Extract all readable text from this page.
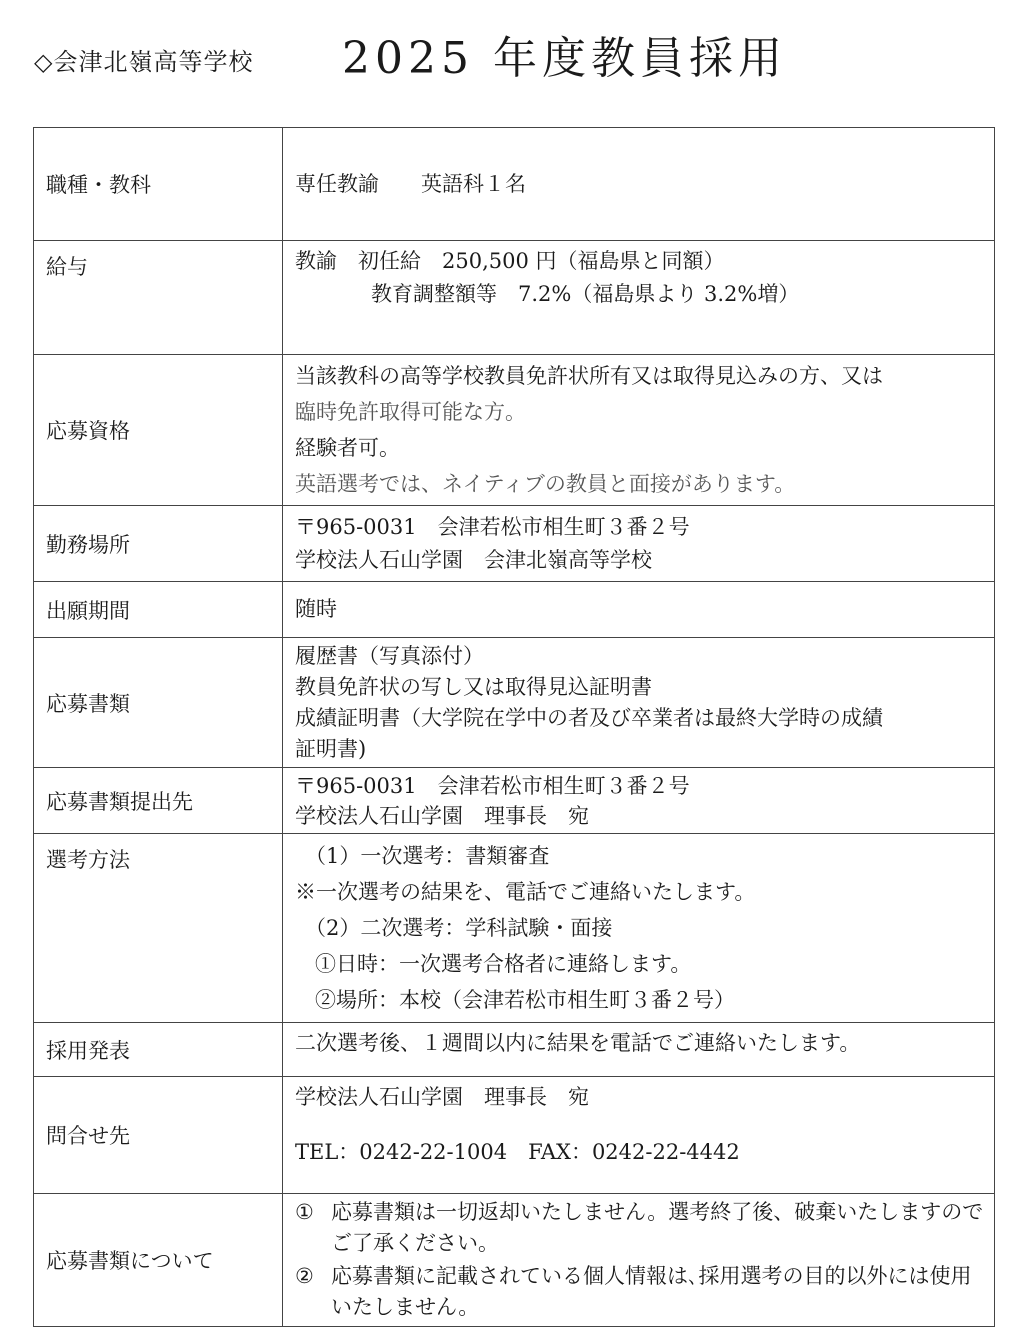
◇会津北嶺高等学校 2025 年度教員採用
職種・教科	専任教諭　　英語科１名

給与	教諭　初任給　250,500 円（福島県と同額）
教育調整額等　7.2%（福島県より 3.2%増）

応募資格	当該教科の高等学校教員免許状所有又は取得見込みの方、又は
臨時免許取得可能な方。
経験者可。
英語選考では、ネイティブの教員と面接があります。

勤務場所	〒965-0031　会津若松市相生町３番２号
学校法人石山学園　会津北嶺高等学校

出願期間	随時

応募書類	履歴書（写真添付）
教員免許状の写し又は取得見込証明書
成績証明書（大学院在学中の者及び卒業者は最終大学時の成績
証明書)

応募書類提出先	〒965-0031　会津若松市相生町３番２号
学校法人石山学園　理事長　宛

選考方法	（1）一次選考：書類審査
※一次選考の結果を、電話でご連絡いたします。
（2）二次選考：学科試験・面接
①日時：一次選考合格者に連絡します。
②場所：本校（会津若松市相生町３番２号）

採用発表	二次選考後、１週間以内に結果を電話でご連絡いたします。

問合せ先	学校法人石山学園　理事長　宛
TEL：0242-22-1004　FAX：0242-22-4442

応募書類について	① 応募書類は一切返却いたしません。選考終了後、破棄いたしますのでご了承ください。
② 応募書類に記載されている個人情報は､採用選考の目的以外には使用いたしません。
